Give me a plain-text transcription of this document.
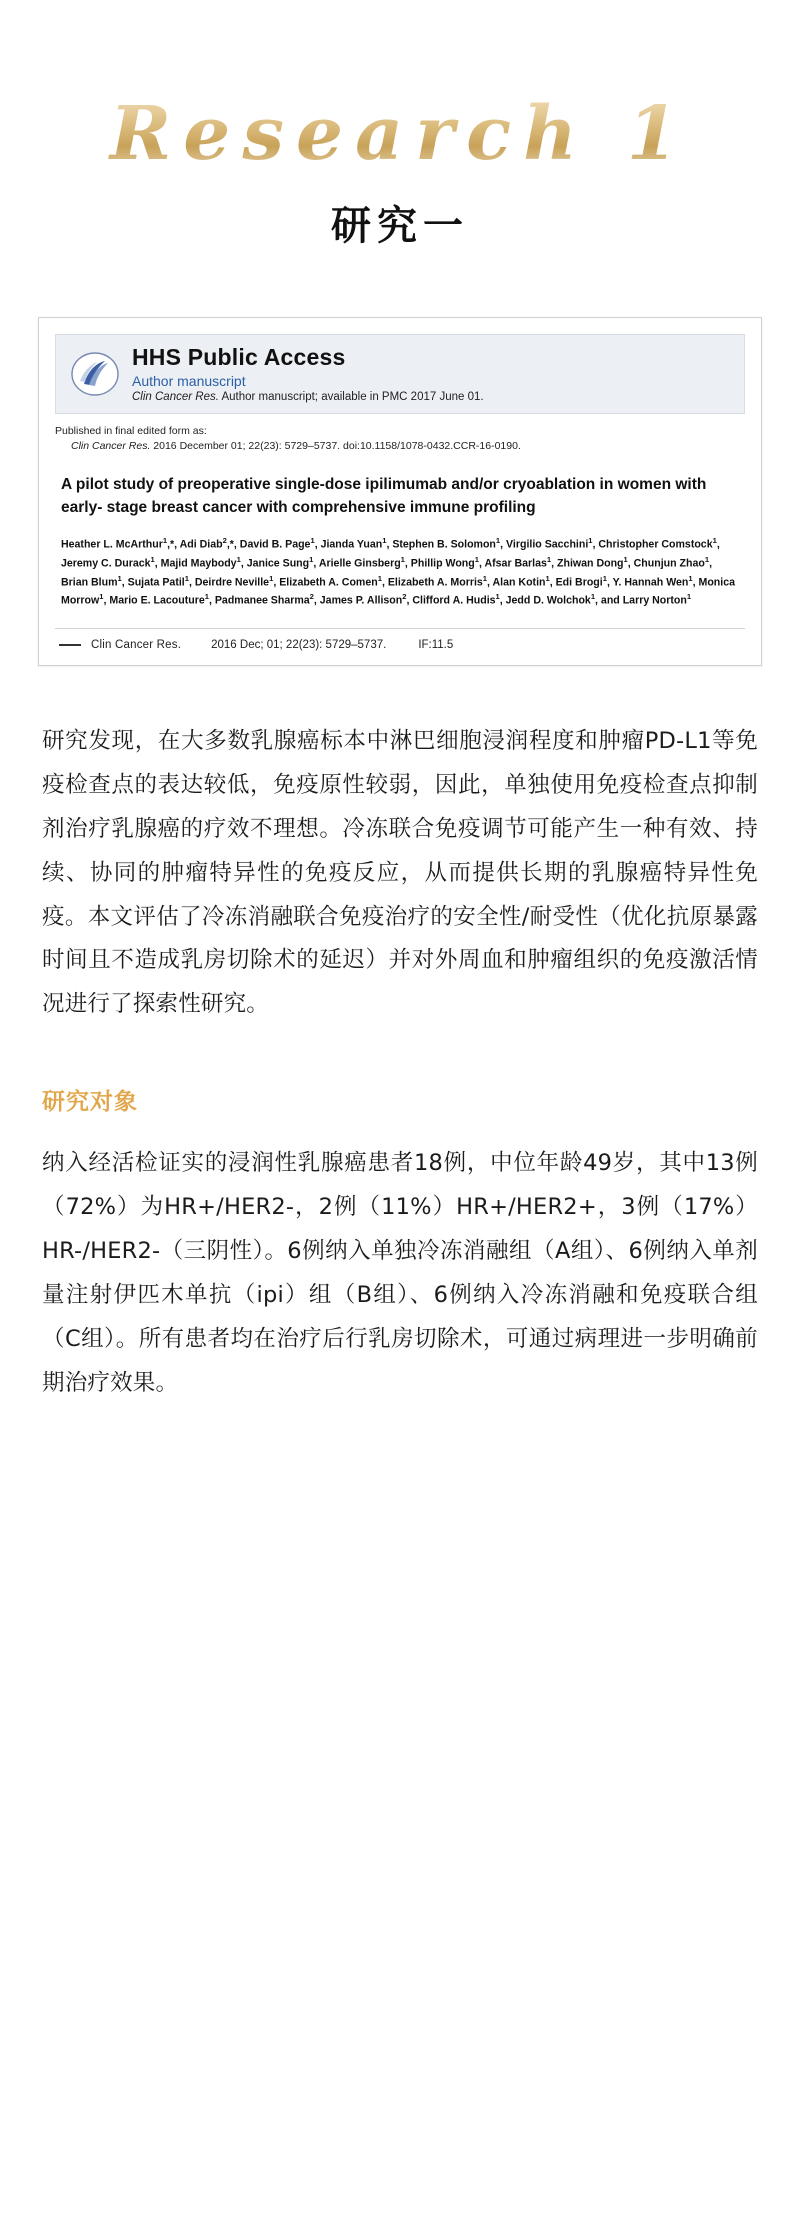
Research 1
研究一
HHS Public Access
Author manuscript
Clin Cancer Res. Author manuscript; available in PMC 2017 June 01.
Published in final edited form as:
Clin Cancer Res. 2016 December 01; 22(23): 5729–5737. doi:10.1158/1078-0432.CCR-16-0190.
A pilot study of preoperative single-dose ipilimumab and/or cryoablation in women with early- stage breast cancer with comprehensive immune profiling
Heather L. McArthur$^1$,*, Adi Diab$^2$,*, David B. Page$^1$, Jianda Yuan$^1$, Stephen B. Solomon$^1$, Virgilio Sacchini$^1$, Christopher Comstock$^1$, Jeremy C. Durack$^1$, Majid Maybody$^1$, Janice Sung$^1$, Arielle Ginsberg$^1$, Phillip Wong$^1$, Afsar Barlas$^1$, Zhiwan Dong$^1$, Chunjun Zhao$^1$, Brian Blum$^1$, Sujata Patil$^1$, Deirdre Neville$^1$, Elizabeth A. Comen$^1$, Elizabeth A. Morris$^1$, Alan Kotin$^1$, Edi Brogi$^1$, Y. Hannah Wen$^1$, Monica Morrow$^1$, Mario E. Lacouture$^1$, Padmanee Sharma$^2$, James P. Allison$^2$, Clifford A. Hudis$^1$, Jedd D. Wolchok$^1$, and Larry Norton$^1$
Clin Cancer Res.	2016 Dec; 01; 22(23): 5729–5737.	IF:11.5

研究发现，在大多数乳腺癌标本中淋巴细胞浸润程度和肿瘤PD-L1等免疫检查点的表达较低，免疫原性较弱，因此，单独使用免疫检查点抑制剂治疗乳腺癌的疗效不理想。冷冻联合免疫调节可能产生一种有效、持续、协同的肿瘤特异性的免疫反应，从而提供长期的乳腺癌特异性免疫。本文评估了冷冻消融联合免疫治疗的安全性/耐受性（优化抗原暴露时间且不造成乳房切除术的延迟）并对外周血和肿瘤组织的免疫激活情况进行了探索性研究。

研究对象

纳入经活检证实的浸润性乳腺癌患者18例，中位年龄49岁，其中13例（72%）为HR+/HER2-，2例（11%）HR+/HER2+，3例（17%）HR-/HER2-（三阴性）。6例纳入单独冷冻消融组（A组）、6例纳入单剂量注射伊匹木单抗（ipi）组（B组）、6例纳入冷冻消融和免疫联合组（C组）。所有患者均在治疗后行乳房切除术，可通过病理进一步明确前期治疗效果。
